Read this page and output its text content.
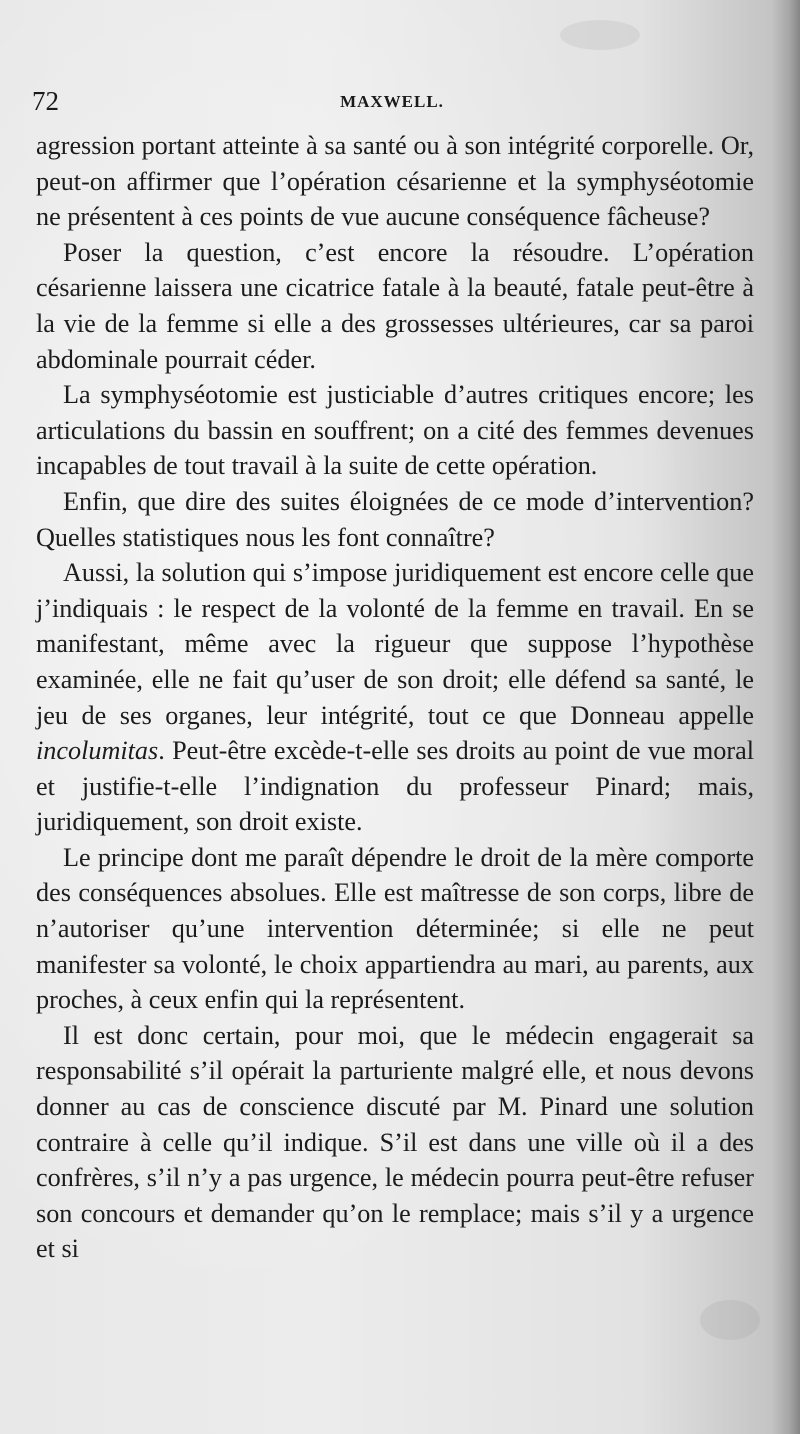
72	MAXWELL.

agression portant atteinte à sa santé ou à son intégrité corporelle. Or, peut-on affirmer que l’opération césarienne et la symphyséotomie ne présentent à ces points de vue aucune conséquence fâcheuse?

Poser la question, c’est encore la résoudre. L’opération césarienne laissera une cicatrice fatale à la beauté, fatale peut-être à la vie de la femme si elle a des grossesses ultérieures, car sa paroi abdominale pourrait céder.

La symphyséotomie est justiciable d’autres critiques encore; les articulations du bassin en souffrent; on a cité des femmes devenues incapables de tout travail à la suite de cette opération.

Enfin, que dire des suites éloignées de ce mode d’intervention? Quelles statistiques nous les font connaître?

Aussi, la solution qui s’impose juridiquement est encore celle que j’indiquais : le respect de la volonté de la femme en travail. En se manifestant, même avec la rigueur que suppose l’hypothèse examinée, elle ne fait qu’user de son droit; elle défend sa santé, le jeu de ses organes, leur intégrité, tout ce que Donneau appelle incolumitas. Peut-être excède-t-elle ses droits au point de vue moral et justifie-t-elle l’indignation du professeur Pinard; mais, juridiquement, son droit existe.

Le principe dont me paraît dépendre le droit de la mère comporte des conséquences absolues. Elle est maîtresse de son corps, libre de n’autoriser qu’une intervention déterminée; si elle ne peut manifester sa volonté, le choix appartiendra au mari, au parents, aux proches, à ceux enfin qui la représentent.

Il est donc certain, pour moi, que le médecin engagerait sa responsabilité s’il opérait la parturiente malgré elle, et nous devons donner au cas de conscience discuté par M. Pinard une solution contraire à celle qu’il indique. S’il est dans une ville où il a des confrères, s’il n’y a pas urgence, le médecin pourra peut-être refuser son concours et demander qu’on le remplace; mais s’il y a urgence et si
